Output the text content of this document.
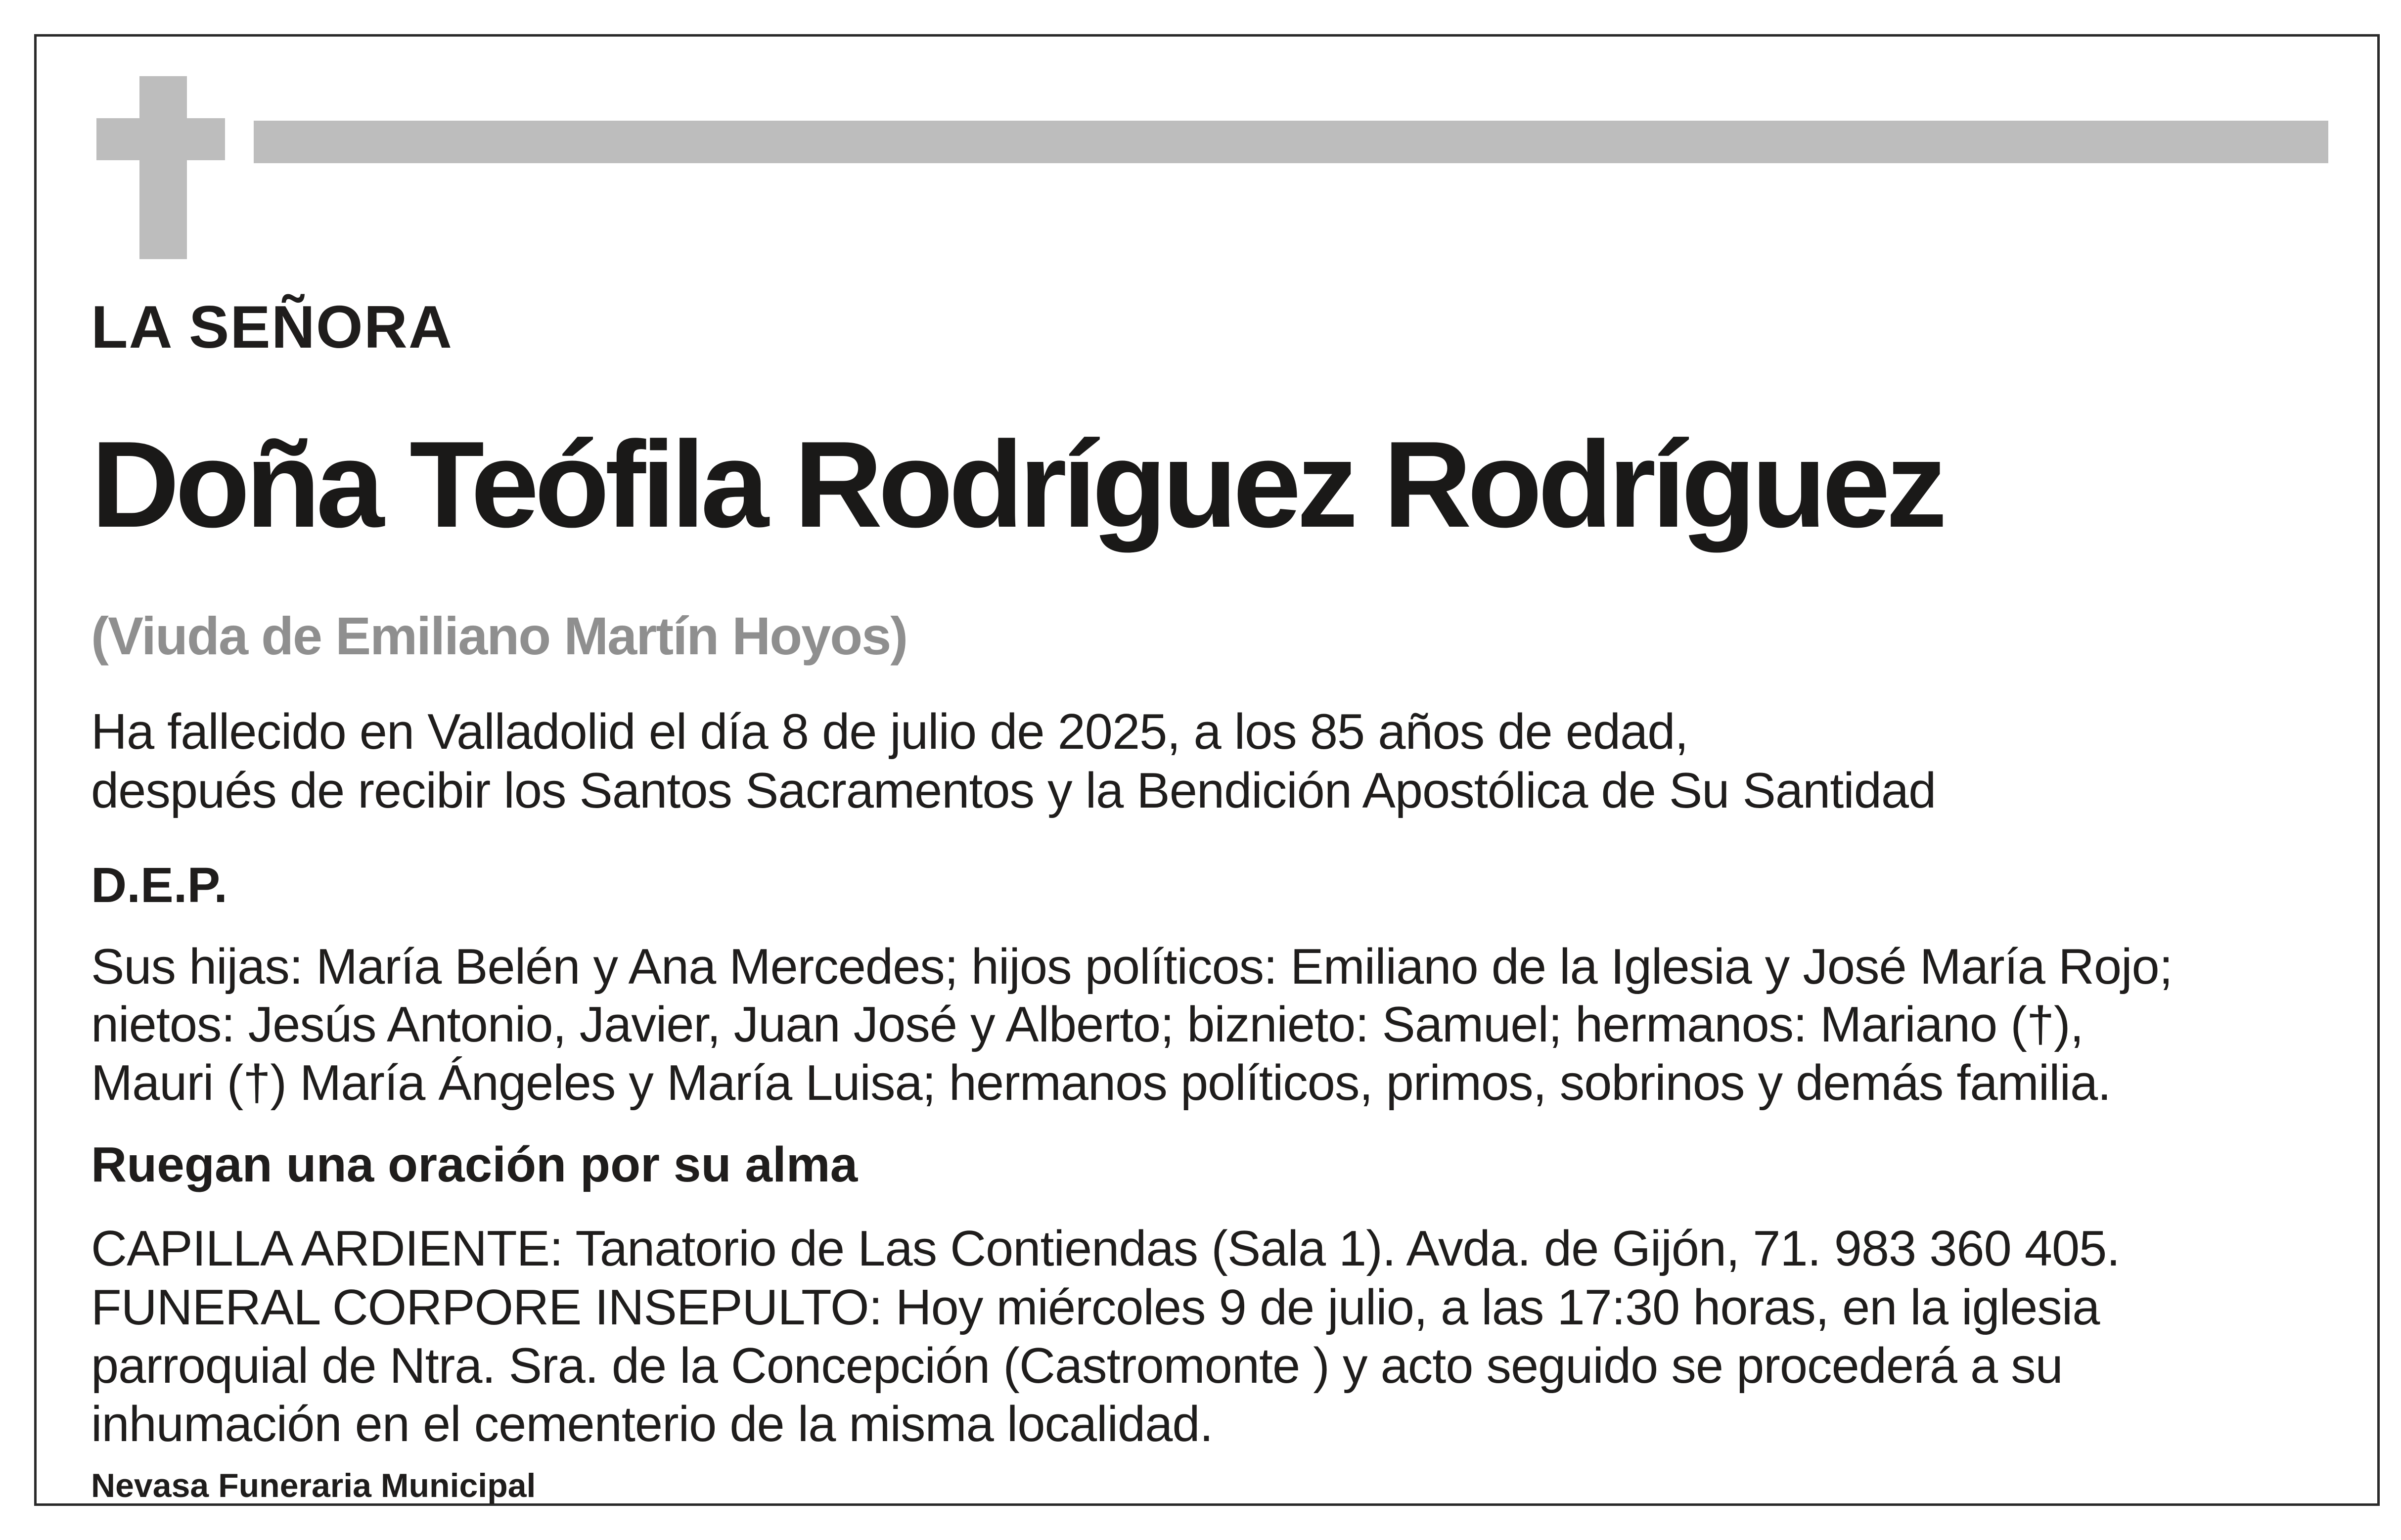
LA SEÑORA

Doña Teófila Rodríguez Rodríguez

(Viuda de Emiliano Martín Hoyos)

Ha fallecido en Valladolid el día 8 de julio de 2025, a los 85 años de edad,

después de recibir los Santos Sacramentos y la Bendición Apostólica de Su Santidad

D.E.P.

Sus hijas: María Belén y Ana Mercedes; hijos políticos: Emiliano de la Iglesia y José María Rojo;

nietos: Jesús Antonio, Javier, Juan José y Alberto; biznieto: Samuel; hermanos: Mariano (†),

Mauri (†) María Ángeles y María Luisa; hermanos políticos, primos, sobrinos y demás familia.

Ruegan una oración por su alma

CAPILLA ARDIENTE: Tanatorio de Las Contiendas (Sala 1). Avda. de Gijón, 71. 983 360 405.

FUNERAL CORPORE INSEPULTO: Hoy miércoles 9 de julio, a las 17:30 horas, en la iglesia

parroquial de Ntra. Sra. de la Concepción (Castromonte ) y acto seguido se procederá a su

inhumación en el cementerio de la misma localidad.

Nevasa Funeraria Municipal
